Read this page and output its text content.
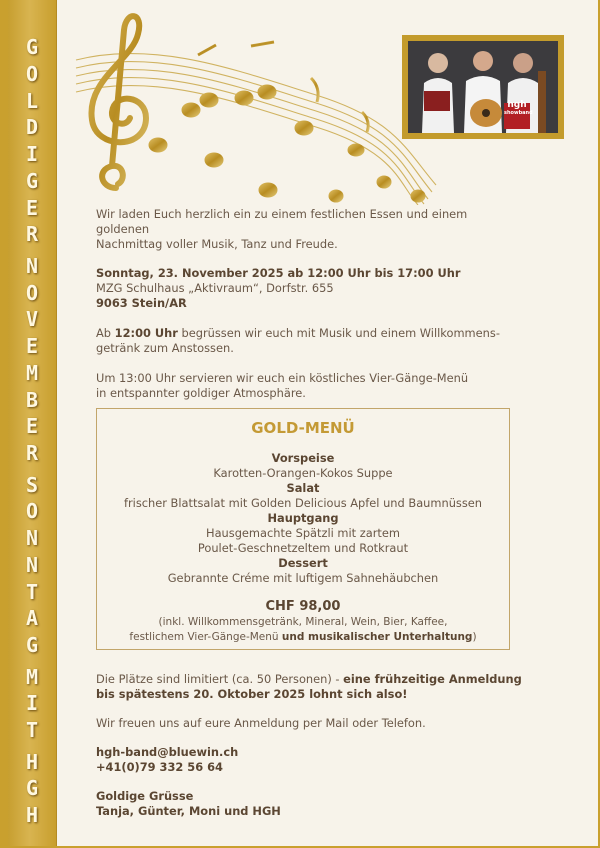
G
O
L
D
I
G
E
R
N
O
V
E
M
B
E
R
S
O
N
N
T
A
G
M
I
T
H
G
H
hgh
showband

Wir laden Euch herzlich ein zu einem festlichen Essen und einem goldenen

Nachmittag voller Musik, Tanz und Freude.

Sonntag, 23. November 2025 ab 12:00 Uhr bis 17:00 Uhr

MZG Schulhaus „Aktivraum“, Dorfstr. 655

9063 Stein/AR

Ab 12:00 Uhr begrüssen wir euch mit Musik und einem Willkommens-

getränk zum Anstossen.

Um 13:00 Uhr servieren wir euch ein köstliches Vier-Gänge-Menü

in entspannter goldiger Atmosphäre.

GOLD-MENÜ
Vorspeise
Karotten-Orangen-Kokos Suppe
Salat
frischer Blattsalat mit Golden Delicious Apfel und Baumnüssen
Hauptgang
Hausgemachte Spätzli mit zartem
Poulet-Geschnetzeltem und Rotkraut
Dessert
Gebrannte Créme mit luftigem Sahnehäubchen
CHF 98,00
(inkl. Willkommensgetränk, Mineral, Wein, Bier, Kaffee,
festlichem Vier-Gänge-Menü und musikalischer Unterhaltung)

Die Plätze sind limitiert (ca. 50 Personen) - eine frühzeitige Anmeldung

bis spätestens 20. Oktober 2025 lohnt sich also!

Wir freuen uns auf eure Anmeldung per Mail oder Telefon.

hgh-band@bluewin.ch

+41(0)79 332 56 64

Goldige Grüsse

Tanja, Günter, Moni und HGH
